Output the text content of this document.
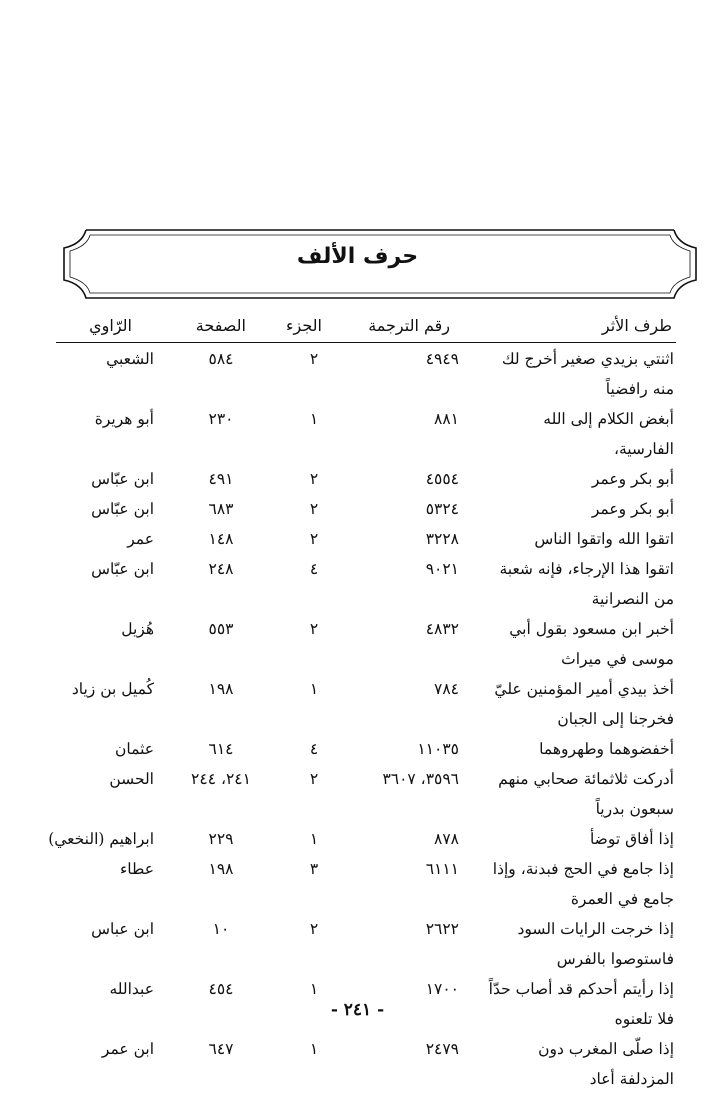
حرف الألف
طرف الأثر
رقم الترجمة
الجزء
الصفحة
الرّاوي
اثنتي بزيدي صغير أخرج لك منه رافضياً
٤٩٤٩
٢
٥٨٤
الشعبي
أبغض الكلام إلى الله الفارسية،
٨٨١
١
٢٣٠
أبو هريرة
أبو بكر وعمر
٤٥٥٤
٢
٤٩١
ابن عبّاس
أبو بكر وعمر
٥٣٢٤
٢
٦٨٣
ابن عبّاس
اتقوا الله واتقوا الناس
٣٢٢٨
٢
١٤٨
عمر
اتقوا هذا الإرجاء، فإنه شعبة من النصرانية
٩٠٢١
٤
٢٤٨
ابن عبّاس
أخبر ابن مسعود بقول أبي موسى في ميراث
٤٨٣٢
٢
٥٥٣
هُزيل
أخذ بيدي أمير المؤمنين عليّ فخرجنا إلى الجبان
٧٨٤
١
١٩٨
كُميل بن زياد
أخفضوهما وطهروهما
١١٠٣٥
٤
٦١٤
عثمان
أدركت ثلاثمائة صحابي منهم سبعون بدرياً
٣٥٩٦، ٣٦٠٧
٢
٢٤١، ٢٤٤
الحسن
إذا أفاق توضأ
٨٧٨
١
٢٢٩
ابراهيم (النخعي)
إذا جامع في الحج فبدنة، وإذا جامع في العمرة
٦١١١
٣
١٩٨
عطاء
إذا خرجت الرايات السود فاستوصوا بالفرس
٢٦٢٢
٢
١٠
ابن عباس
إذا رأيتم أحدكم قد أصاب حدّاً فلا تلعنوه
١٧٠٠
١
٤٥٤
عبدالله
إذا صلّى المغرب دون المزدلفة أعاد
٢٤٧٩
١
٦٤٧
ابن عمر
- ٢٤١ -
